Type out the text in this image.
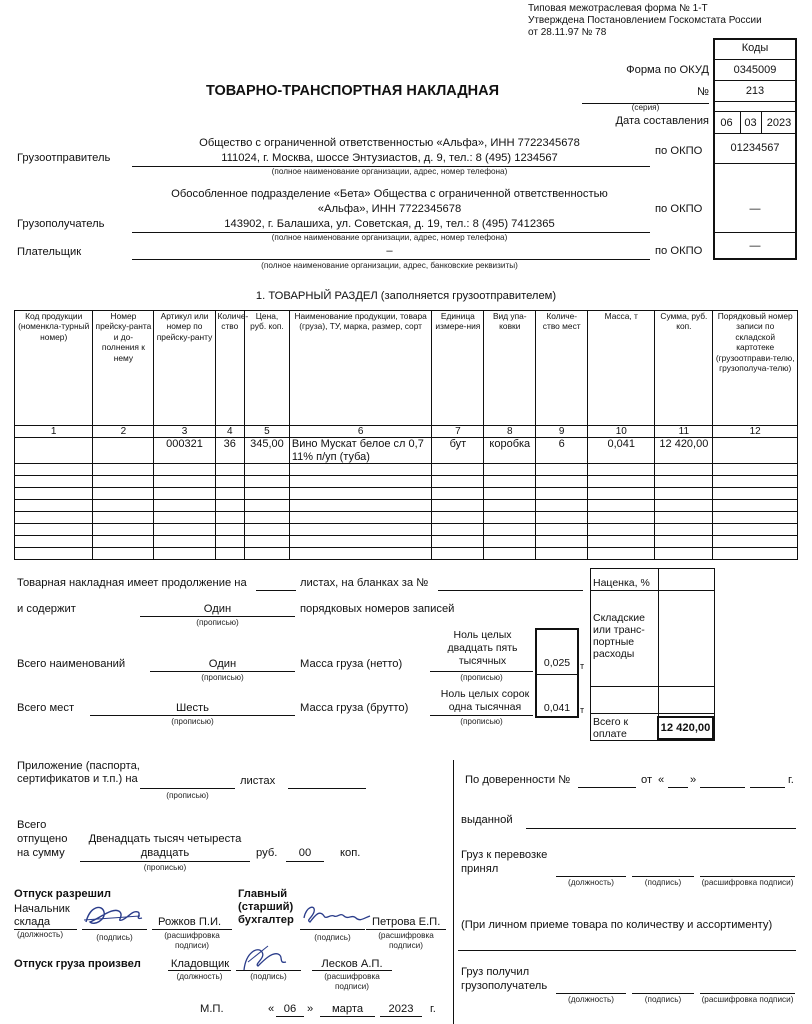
Типовая межотраслевая форма № 1-Т
Утверждена Постановлением Госкомстата России
от 28.11.97 № 78
Коды
Форма по ОКУД	0345009
№	213
(серия)
Дата составления	06	03 2023
01234567
—
—
ТОВАРНО-ТРАНСПОРТНАЯ НАКЛАДНАЯ
Грузоотправитель
Общество с ограниченной ответственностью «Альфа», ИНН 7722345678
111024, г. Москва, шоссе Энтузиастов, д. 9, тел.: 8 (495) 1234567
(полное наименование организации, адрес, номер телефона)
по ОКПО
Грузополучатель
Обособленное подразделение «Бета» Общества с ограниченной ответственностью
«Альфа», ИНН 7722345678
143902, г. Балашиха, ул. Советская, д. 19, тел.: 8 (495) 7412365
(полное наименование организации, адрес, номер телефона)
по ОКПО
Плательщик	–
(полное наименование организации, адрес, банковские реквизиты)
по ОКПО
1. ТОВАРНЫЙ РАЗДЕЛ (заполняется грузоотправителем)
Код продукции (номенкла-турный номер)	Номер прейску-ранта и до-полнения к нему	Артикул или номер по прейску-ранту	Количе-ство	Цена, руб. коп.	Наименование продукции, товара (груза), ТУ, марка, размер, сорт	Единица измере-ния	Вид упа-ковки	Количе-ство мест	Масса, т	Сумма, руб. коп.	Порядковый номер записи по складской картотеке (грузоотправи-телю, грузополуча-телю)
1	2	3	4	5	6	7	8	9	10	11	12
		000321	36	345,00	Вино Мускат белое сл 0,7 11% п/уп (туба)	бут	коробка	6	0,041	12 420,00	

Товарная накладная имеет продолжение на	листах, на бланках за №
и содержит	Один
(прописью)
порядковых номеров записей
Наценка, %
Складские или транс-портные расходы
Всего к оплате	12 420,00
Всего наименований	Один
(прописью)
Масса груза (нетто)
Ноль целых двадцать пять тысячных
(прописью)
0,025	т
Всего мест	Шесть
(прописью)
Масса груза (брутто)
Ноль целых сорок одна тысячная
(прописью)
0,041	т
Приложение (паспорта,
сертификатов и т.п.) на
(прописью)
листах
Всего
отпущено
на сумму
Двенадцать тысяч четыреста
двадцать
(прописью)
руб.	00	коп.
Отпуск разрешил
Начальник склада
(должность)	(подпись)
Рожков П.И.
(расшифровка подписи)
Главный (старший) бухгалтер
(подпись)
Петрова Е.П.
(расшифровка подписи)
Отпуск груза произвел	Кладовщик
(должность)	(подпись)
Лесков А.П.
(расшифровка подписи)
М.П.	« 06 »	марта	2023	г.
По доверенности №	от « »	г.
выданной
Груз к перевозке
принял
(должность)	(подпись)	(расшифровка подписи)
(При личном приеме товара по количеству и ассортименту)
Груз получил
грузополучатель
(должность)	(подпись)	(расшифровка подписи)
